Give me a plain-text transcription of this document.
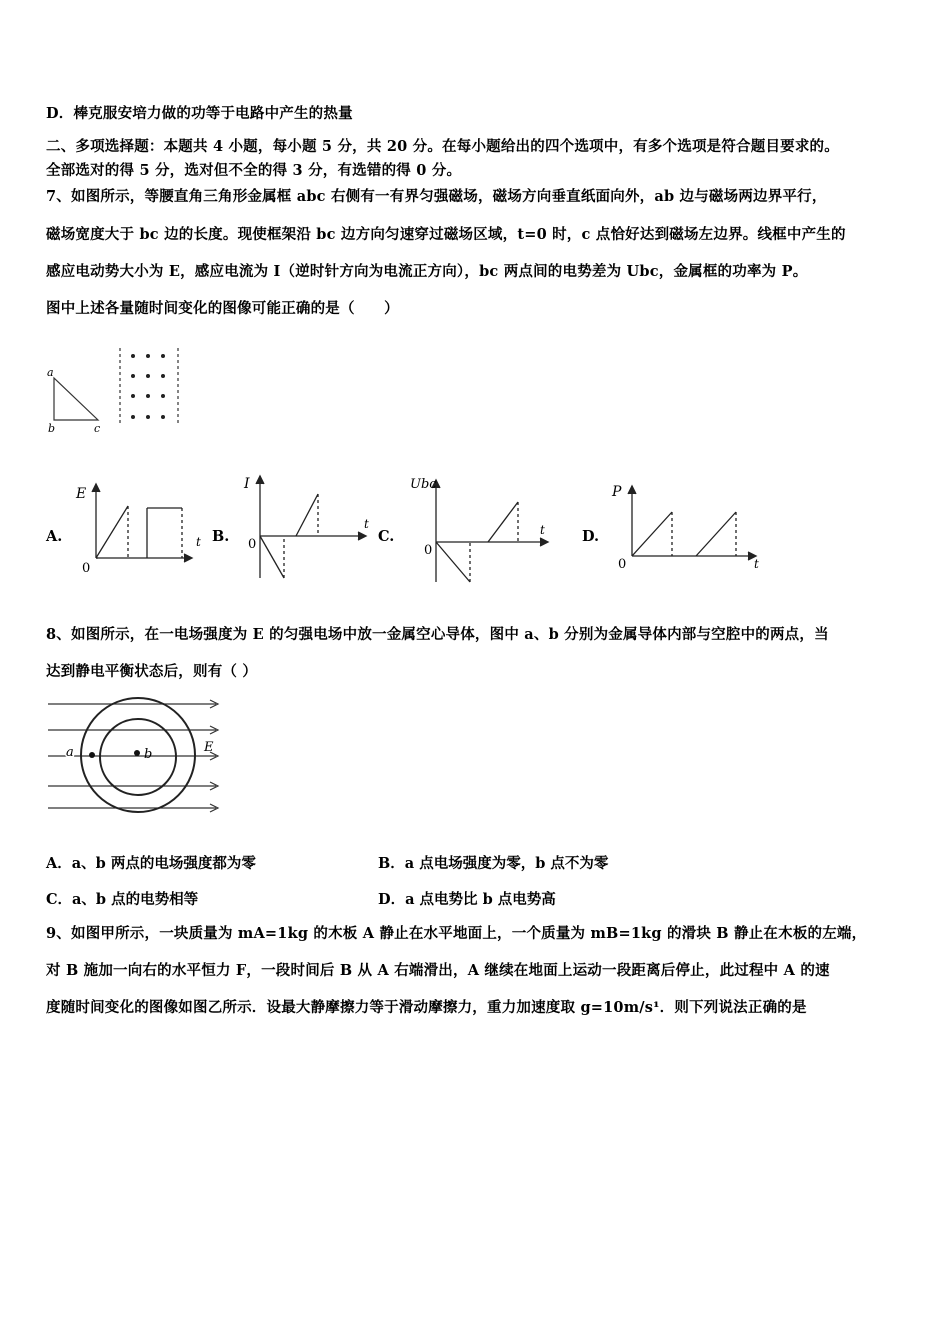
D．棒克服安培力做的功等于电路中产生的热量
二、多项选择题：本题共 4 小题，每小题 5 分，共 20 分。在每小题给出的四个选项中，有多个选项是符合题目要求的。
全部选对的得 5 分，选对但不全的得 3 分，有选错的得 0 分。
7、如图所示，等腰直角三角形金属框 abc 右侧有一有界匀强磁场，磁场方向垂直纸面向外，ab 边与磁场两边界平行，
磁场宽度大于 bc 边的长度。现使框架沿 bc 边方向匀速穿过磁场区域，t=0 时，c 点恰好达到磁场左边界。线框中产生的
感应电动势大小为 E，感应电流为 I（逆时针方向为电流正方向），bc 两点间的电势差为 Ubc，金属框的功率为 P。
图中上述各量随时间变化的图像可能正确的是（　　）
a
b	c
A.
E
t
0
B.
I
t
0	C.
Ubc
t
0
D.
P
t
0
8、如图所示，在一电场强度为 E 的匀强电场中放一金属空心导体，图中 a、b 分别为金属导体内部与空腔中的两点，当
达到静电平衡状态后，则有（ ）
a	b	E
A．a、b 两点的电场强度都为零	B．a 点电场强度为零，b 点不为零
C．a、b 点的电势相等	D．a 点电势比 b 点电势高
9、如图甲所示，一块质量为 mA=1kg 的木板 A 静止在水平地面上，一个质量为 mB=1kg 的滑块 B 静止在木板的左端，
对 B 施加一向右的水平恒力 F，一段时间后 B 从 A 右端滑出，A 继续在地面上运动一段距离后停止，此过程中 A 的速
度随时间变化的图像如图乙所示．设最大静摩擦力等于滑动摩擦力，重力加速度取 g=10m/s¹．则下列说法正确的是
